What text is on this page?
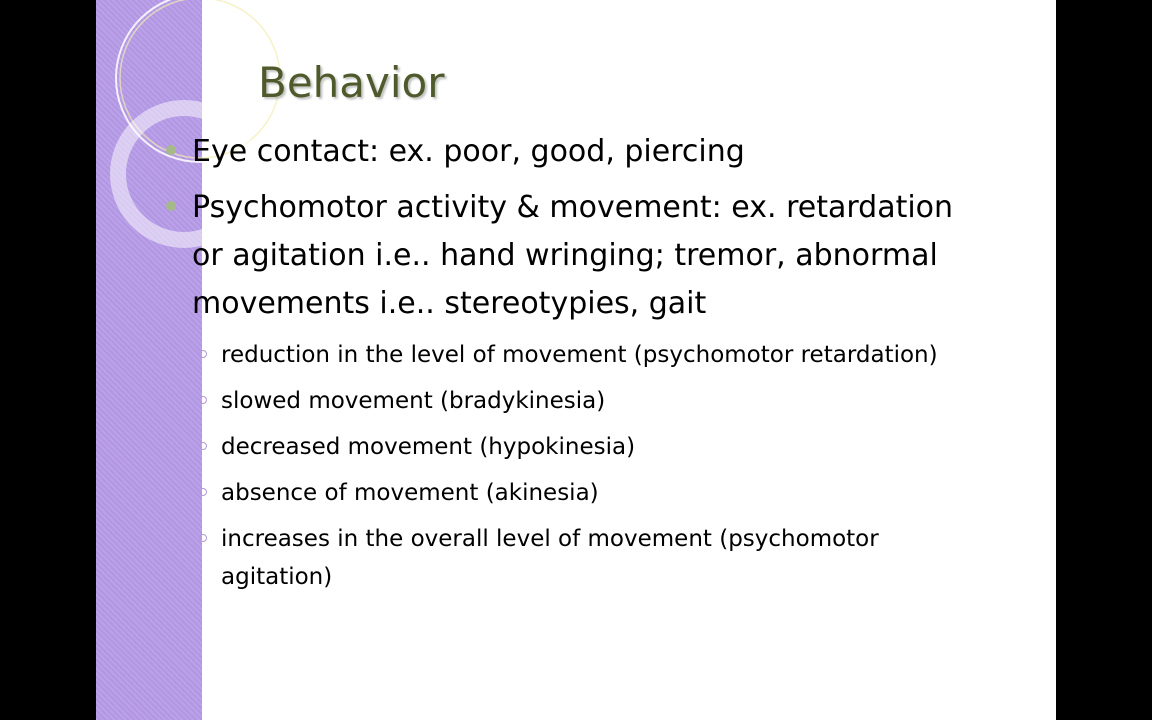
Behavior
Eye contact: ex. poor, good, piercing
Psychomotor activity & movement: ex. retardation or agitation i.e.. hand wringing; tremor, abnormal movements i.e.. stereotypies, gait
reduction in the level of movement (psychomotor retardation)
slowed movement (bradykinesia)
decreased movement (hypokinesia)
absence of movement (akinesia)
increases in the overall level of movement (psychomotor agitation)
